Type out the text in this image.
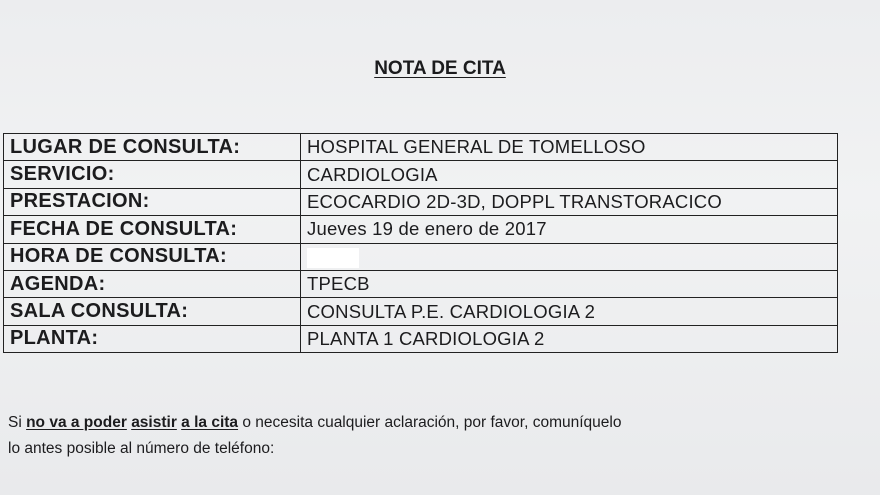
NOTA DE CITA
LUGAR DE CONSULTA:	HOSPITAL GENERAL DE TOMELLOSO
SERVICIO:	CARDIOLOGIA
PRESTACION:	ECOCARDIO 2D-3D, DOPPL TRANSTORACICO
FECHA DE CONSULTA:	Jueves 19 de enero de 2017
HORA DE CONSULTA:	
AGENDA:	TPECB
SALA CONSULTA:	CONSULTA P.E. CARDIOLOGIA 2
PLANTA:	PLANTA 1 CARDIOLOGIA 2
Si no va a poder asistir a la cita o necesita cualquier aclaración, por favor, comuníquelo
lo antes posible al número de teléfono:
